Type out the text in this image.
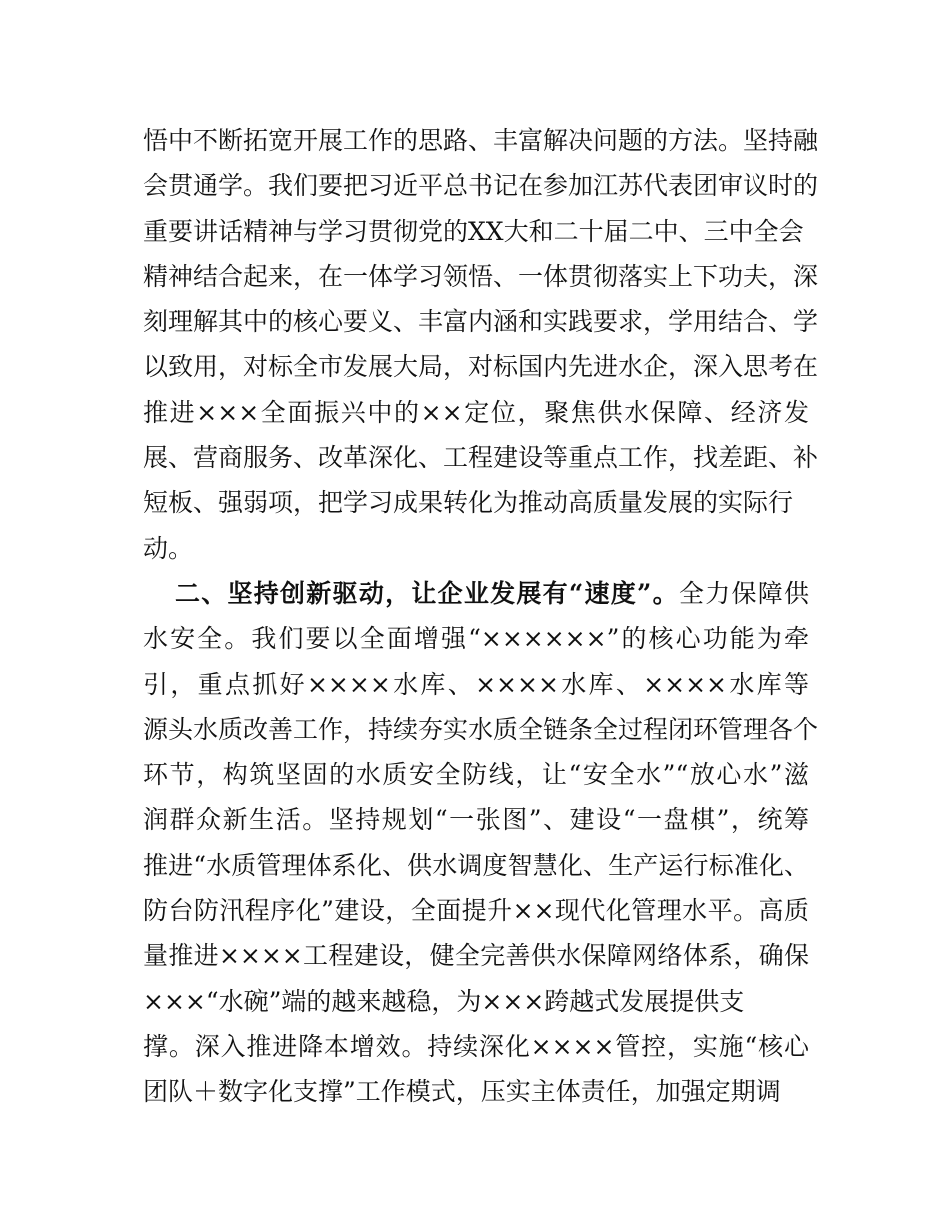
悟中不断拓宽开展工作的思路、丰富解决问题的方法。坚持融
会贯通学。我们要把习近平总书记在参加江苏代表团审议时的
重要讲话精神与学习贯彻党的XX大和二十届二中、三中全会
精神结合起来，在一体学习领悟、一体贯彻落实上下功夫，深
刻理解其中的核心要义、丰富内涵和实践要求，学用结合、学
以致用，对标全市发展大局，对标国内先进水企，深入思考在
推进×××全面振兴中的××定位，聚焦供水保障、经济发
展、营商服务、改革深化、工程建设等重点工作，找差距、补
短板、强弱项，把学习成果转化为推动高质量发展的实际行
动。
二、坚持创新驱动，让企业发展有“速度”。全力保障供
水安全。我们要以全面增强“××××××”的核心功能为牵
引，重点抓好××××水库、××××水库、××××水库等
源头水质改善工作，持续夯实水质全链条全过程闭环管理各个
环节，构筑坚固的水质安全防线，让“安全水”“放心水”滋
润群众新生活。坚持规划“一张图”、建设“一盘棋”，统筹
推进“水质管理体系化、供水调度智慧化、生产运行标准化、
防台防汛程序化”建设，全面提升××现代化管理水平。高质
量推进××××工程建设，健全完善供水保障网络体系，确保
×××“水碗”端的越来越稳，为×××跨越式发展提供支
撑。深入推进降本增效。持续深化××××管控，实施“核心
团队＋数字化支撑”工作模式，压实主体责任，加强定期调
